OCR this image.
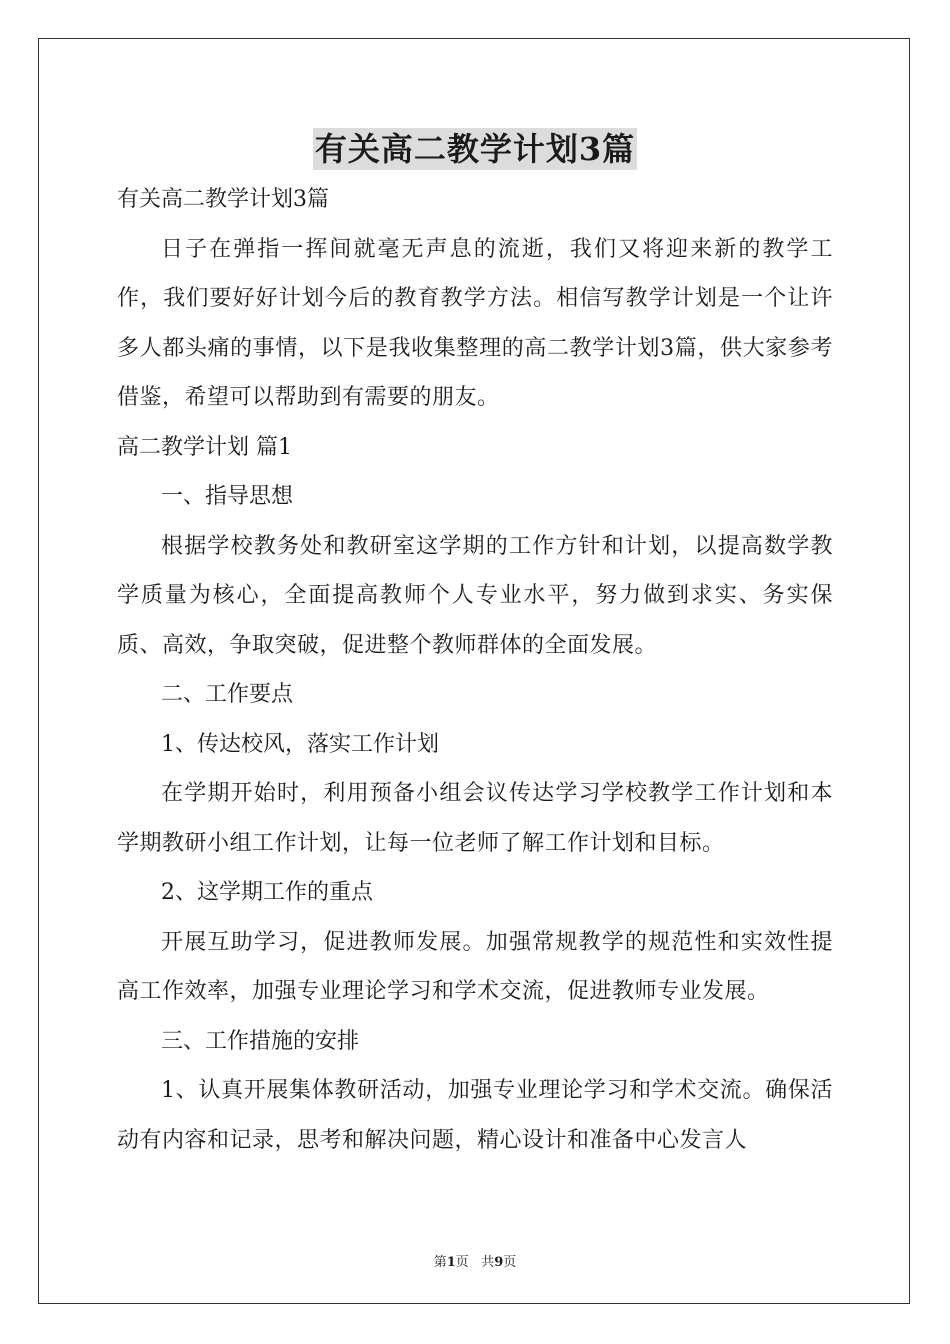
有关高二教学计划3篇
有关高二教学计划3篇

日子在弹指一挥间就毫无声息的流逝，我们又将迎来新的教学工作，我们要好好计划今后的教育教学方法。相信写教学计划是一个让许多人都头痛的事情，以下是我收集整理的高二教学计划3篇，供大家参考借鉴，希望可以帮助到有需要的朋友。

高二教学计划 篇1
一、指导思想

根据学校教务处和教研室这学期的工作方针和计划，以提高数学教学质量为核心，全面提高教师个人专业水平，努力做到求实、务实保质、高效，争取突破，促进整个教师群体的全面发展。

二、工作要点
1、传达校风，落实工作计划

在学期开始时，利用预备小组会议传达学习学校教学工作计划和本学期教研小组工作计划，让每一位老师了解工作计划和目标。

2、这学期工作的重点

开展互助学习，促进教师发展。加强常规教学的规范性和实效性提高工作效率，加强专业理论学习和学术交流，促进教师专业发展。

三、工作措施的安排

1、认真开展集体教研活动，加强专业理论学习和学术交流。确保活动有内容和记录，思考和解决问题，精心设计和准备中心发言人

第1页 共9页
